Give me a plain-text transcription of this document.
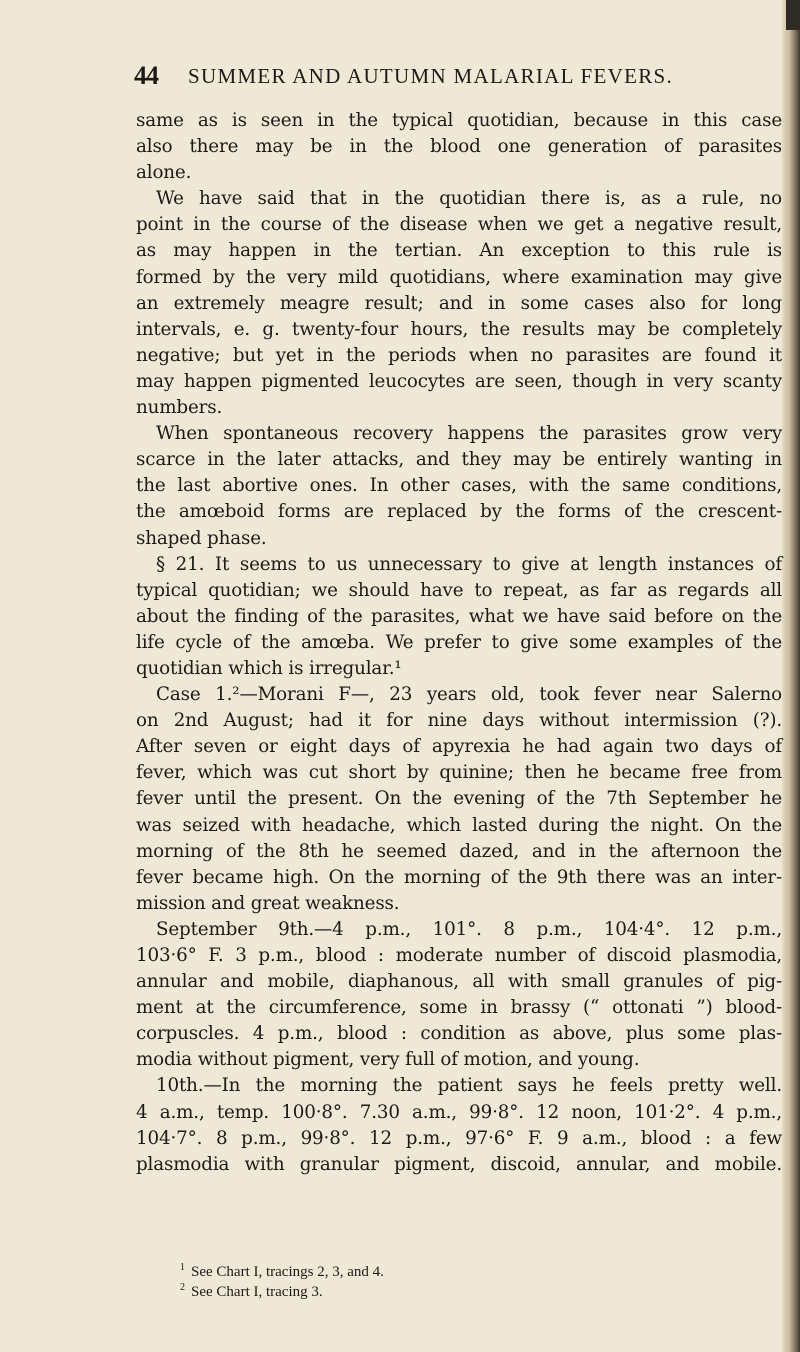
44 SUMMER AND AUTUMN MALARIAL FEVERS.
same as is seen in the typical quotidian, because in this case
also there may be in the blood one generation of parasites
alone.
We have said that in the quotidian there is, as a rule, no
point in the course of the disease when we get a negative result,
as may happen in the tertian. An exception to this rule is
formed by the very mild quotidians, where examination may give
an extremely meagre result; and in some cases also for long
intervals, e. g. twenty-four hours, the results may be completely
negative; but yet in the periods when no parasites are found it
may happen pigmented leucocytes are seen, though in very scanty
numbers.
When spontaneous recovery happens the parasites grow very
scarce in the later attacks, and they may be entirely wanting in
the last abortive ones. In other cases, with the same conditions,
the amœboid forms are replaced by the forms of the crescent-
shaped phase.
§ 21. It seems to us unnecessary to give at length instances of
typical quotidian; we should have to repeat, as far as regards all
about the finding of the parasites, what we have said before on the
life cycle of the amœba. We prefer to give some examples of the
quotidian which is irregular.¹
Case 1.²—Morani F—, 23 years old, took fever near Salerno
on 2nd August; had it for nine days without intermission (?).
After seven or eight days of apyrexia he had again two days of
fever, which was cut short by quinine; then he became free from
fever until the present. On the evening of the 7th September he
was seized with headache, which lasted during the night. On the
morning of the 8th he seemed dazed, and in the afternoon the
fever became high. On the morning of the 9th there was an inter-
mission and great weakness.
September 9th.—4 p.m., 101°. 8 p.m., 104·4°. 12 p.m.,
103·6° F. 3 p.m., blood : moderate number of discoid plasmodia,
annular and mobile, diaphanous, all with small granules of pig-
ment at the circumference, some in brassy (“ ottonati ”) blood-
corpuscles. 4 p.m., blood : condition as above, plus some plas-
modia without pigment, very full of motion, and young.
10th.—In the morning the patient says he feels pretty well.
4 a.m., temp. 100·8°. 7.30 a.m., 99·8°. 12 noon, 101·2°. 4 p.m.,
104·7°. 8 p.m., 99·8°. 12 p.m., 97·6° F. 9 a.m., blood : a few
plasmodia with granular pigment, discoid, annular, and mobile.
$^1$ See Chart I, tracings 2, 3, and 4.
$^2$ See Chart I, tracing 3.
